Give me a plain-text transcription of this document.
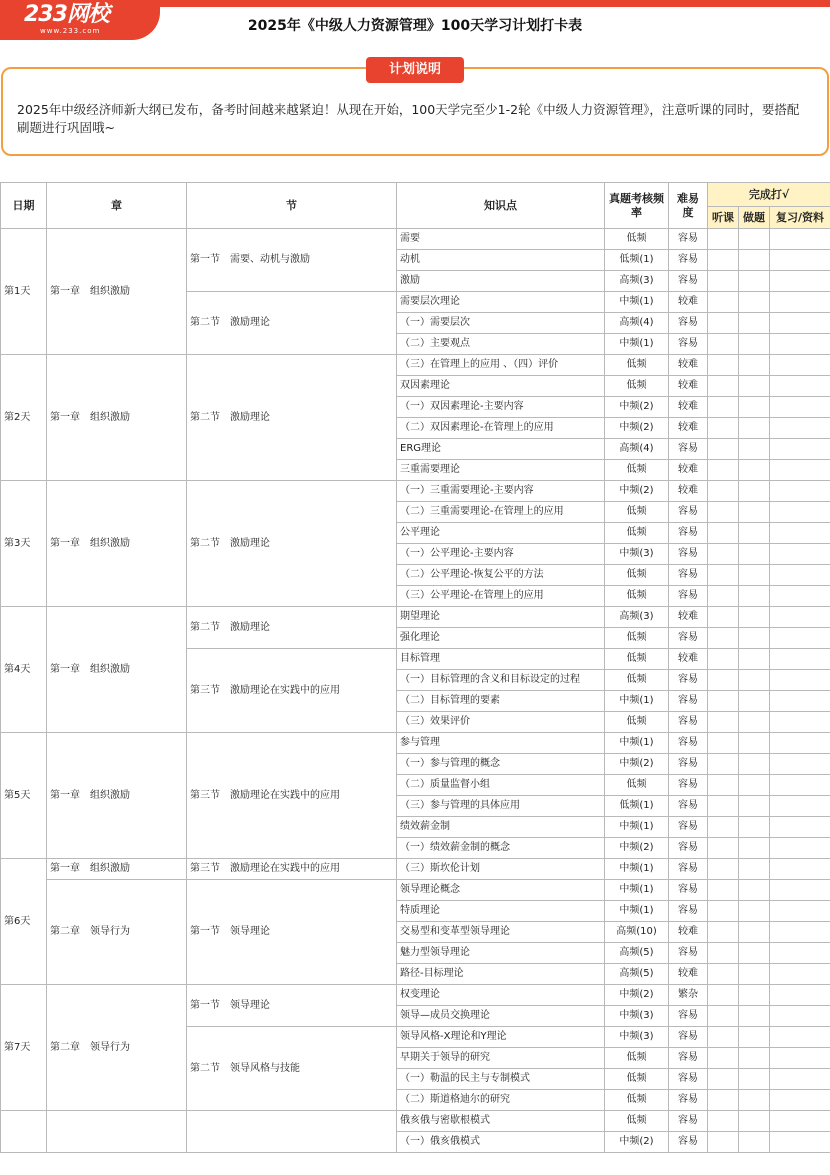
233网校
www.233.com	2025年《中级人力资源管理》100天学习计划打卡表
2025年中级经济师新大纲已发布，备考时间越来越紧迫！从现在开始，100天学完至少1-2轮《中级人力资源管理》，注意听课的同时，要搭配刷题进行巩固哦~
计划说明
日期	章	节	知识点	真题考核频率	难易度	完成打√		
						听课	做题	复习/资料
第1天	第一章　组织激励	第一节　需要、动机与激励	需要	低频	容易			
			动机	低频(1)	容易			
			激励	高频(3)	容易			
		第二节　激励理论	需要层次理论	中频(1)	较难			
			（一）需要层次	高频(4)	容易			
			（二）主要观点	中频(1)	容易			
第2天	第一章　组织激励	第二节　激励理论	（三）在管理上的应用 、（四）评价	低频	较难			
			双因素理论	低频	较难			
			（一）双因素理论-主要内容	中频(2)	较难			
			（二）双因素理论-在管理上的应用	中频(2)	较难			
			ERG理论	高频(4)	容易			
			三重需要理论	低频	较难			
第3天	第一章　组织激励	第二节　激励理论	（一）三重需要理论-主要内容	中频(2)	较难			
			（二）三重需要理论-在管理上的应用	低频	容易			
			公平理论	低频	容易			
			（一）公平理论-主要内容	中频(3)	容易			
			（二）公平理论-恢复公平的方法	低频	容易			
			（三）公平理论-在管理上的应用	低频	容易			
第4天	第一章　组织激励	第二节　激励理论	期望理论	高频(3)	较难			
			强化理论	低频	容易			
		第三节　激励理论在实践中的应用	目标管理	低频	较难			
			（一）目标管理的含义和目标设定的过程	低频	容易			
			（二）目标管理的要素	中频(1)	容易			
			（三）效果评价	低频	容易			
第5天	第一章　组织激励	第三节　激励理论在实践中的应用	参与管理	中频(1)	容易			
			（一）参与管理的概念	中频(2)	容易			
			（二）质量监督小组	低频	容易			
			（三）参与管理的具体应用	低频(1)	容易			
			绩效薪金制	中频(1)	容易			
			（一）绩效薪金制的概念	中频(2)	容易			
第6天	第一章　组织激励	第三节　激励理论在实践中的应用	（三）斯坎伦计划	中频(1)	容易			
	第二章　领导行为	第一节　领导理论	领导理论概念	中频(1)	容易			
			特质理论	中频(1)	容易			
			交易型和变革型领导理论	高频(10)	较难			
			魅力型领导理论	高频(5)	容易			
			路径-目标理论	高频(5)	较难			
第7天	第二章　领导行为	第一节　领导理论	权变理论	中频(2)	繁杂			
			领导—成员交换理论	中频(3)	容易			
		第二节　领导风格与技能	领导风格-X理论和Y理论	中频(3)	容易			
			早期关于领导的研究	低频	容易			
			（一）勒温的民主与专制模式	低频	容易			
			（二）斯道格迪尔的研究	低频	容易			
			俄亥俄与密歇根模式	低频	容易			
			（一）俄亥俄模式	中频(2)	容易			
